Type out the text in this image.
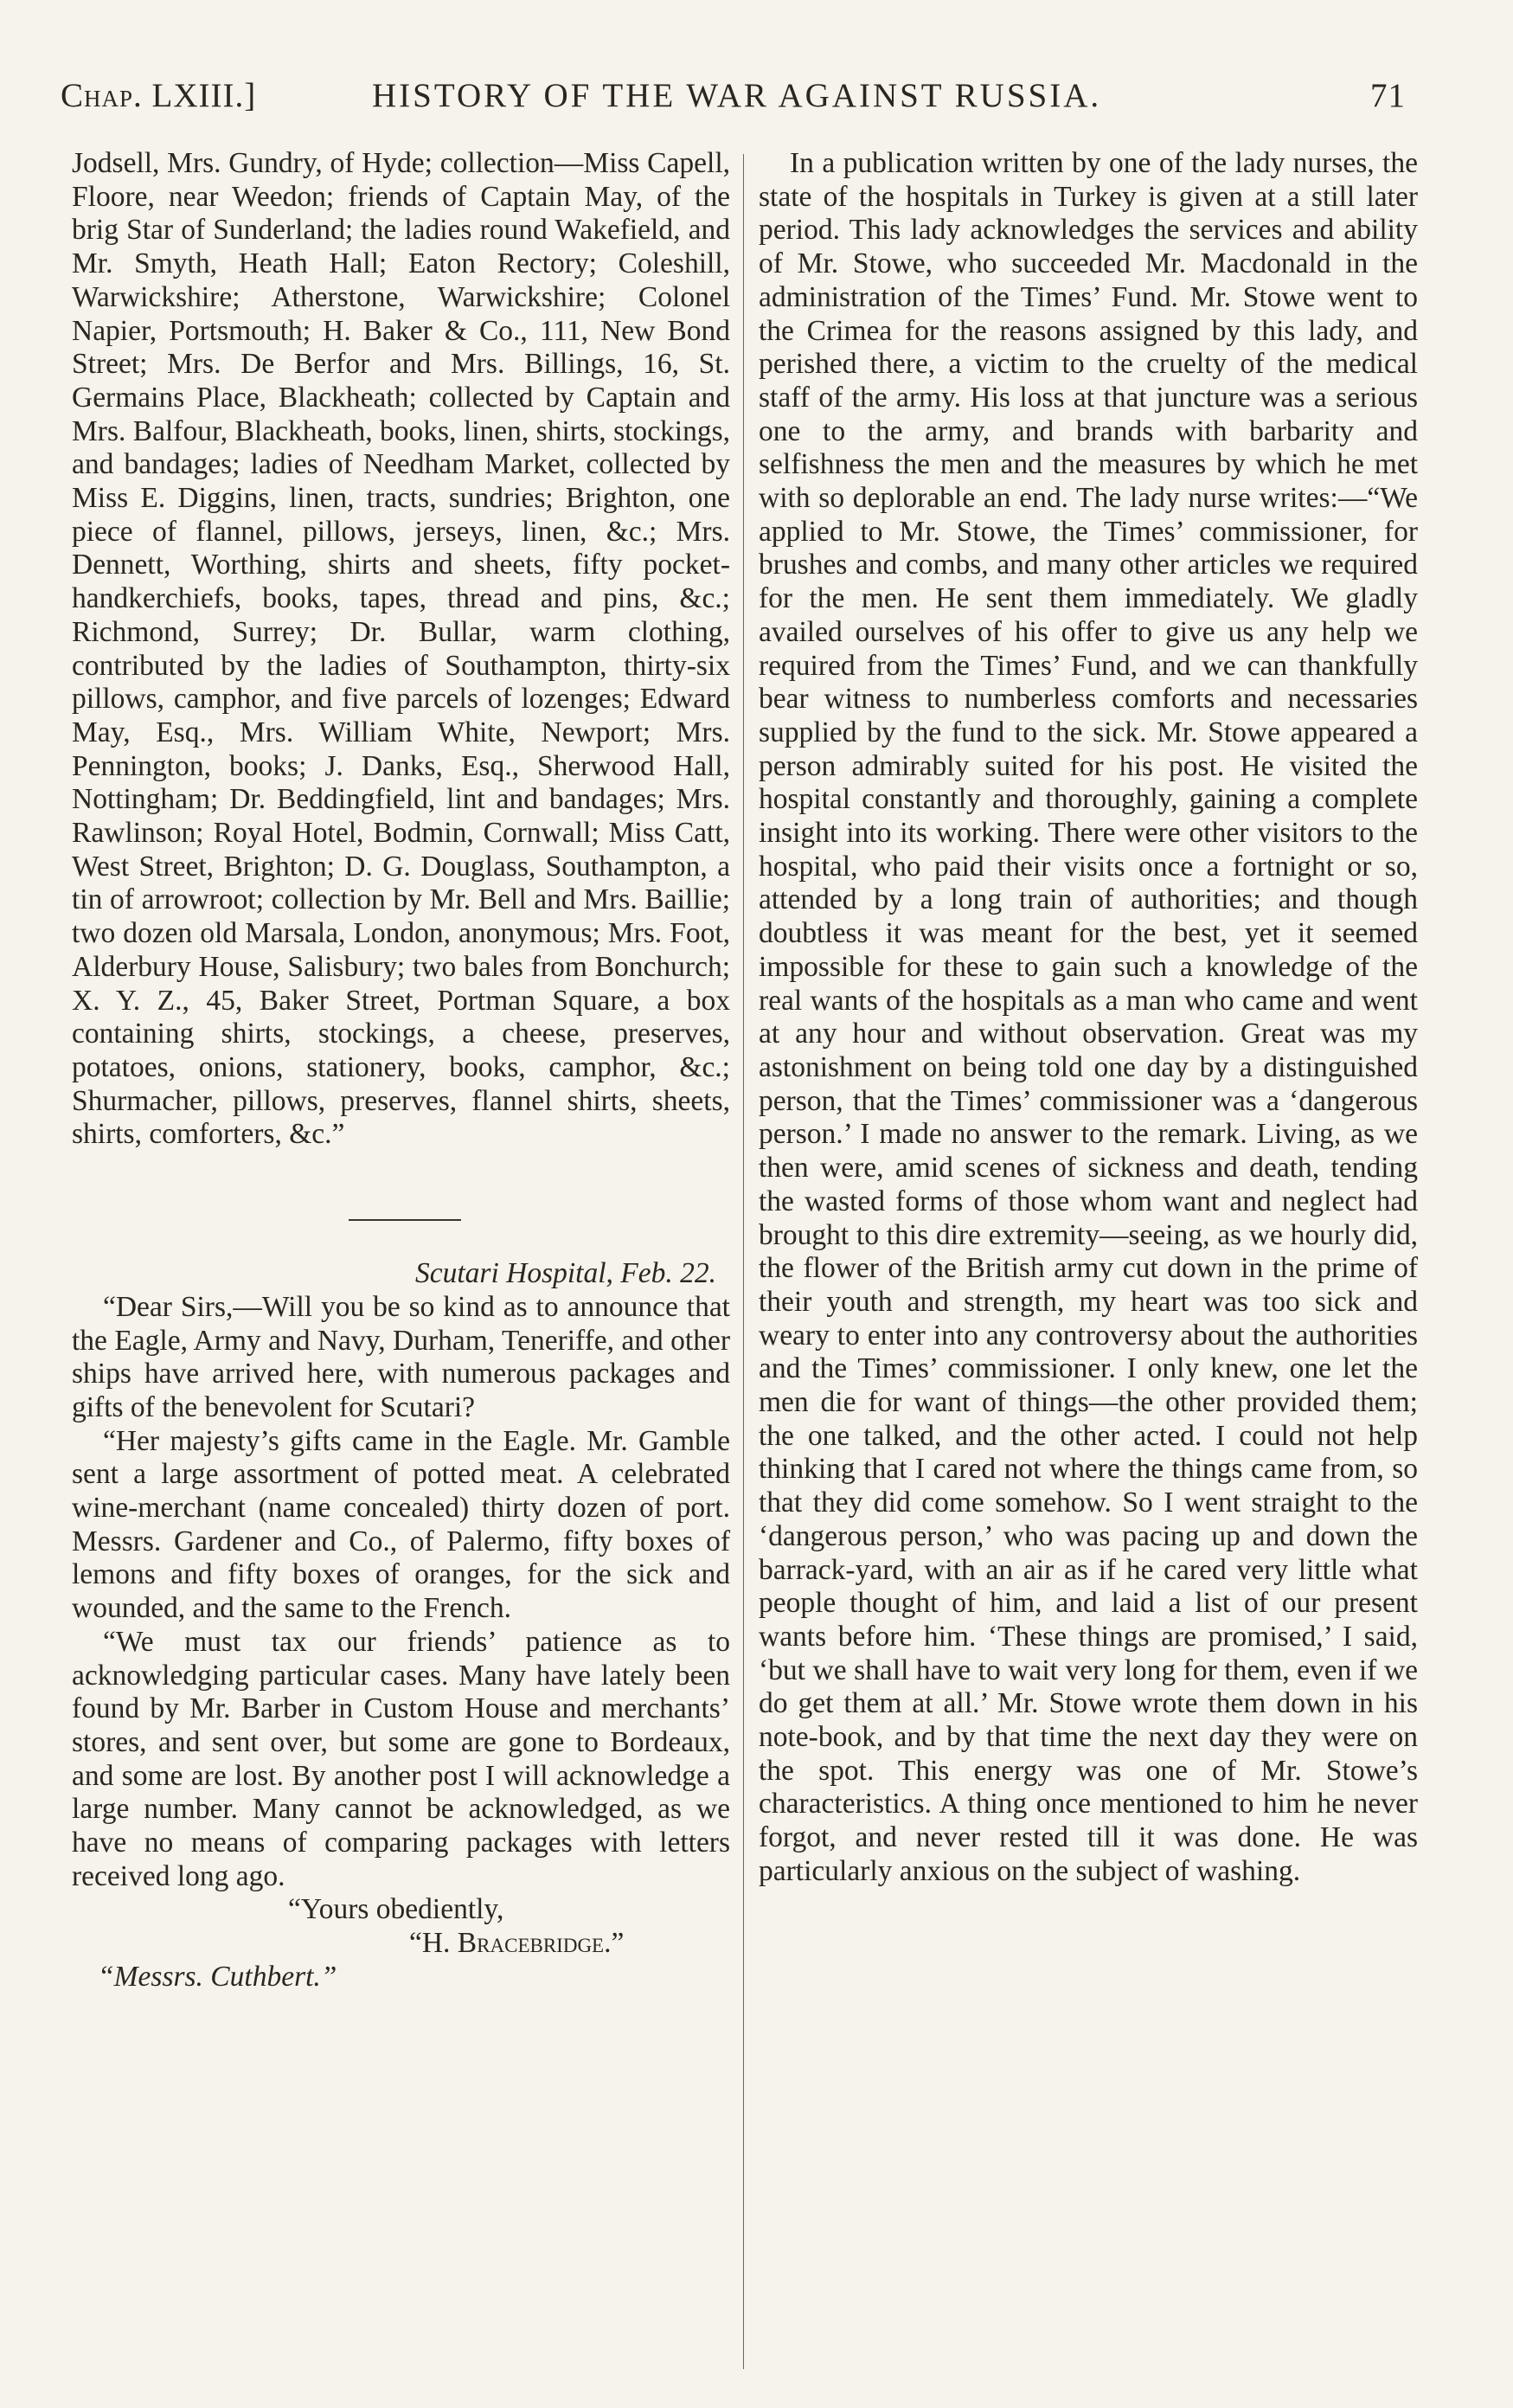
Chap. LXIII.]	HISTORY OF THE WAR AGAINST RUSSIA.	71

Jodsell, Mrs. Gundry, of Hyde; collection—Miss Capell, Floore, near Weedon; friends of Captain May, of the brig Star of Sunderland; the ladies round Wakefield, and Mr. Smyth, Heath Hall; Eaton Rectory; Coleshill, Warwickshire; Atherstone, Warwickshire; Colonel Napier, Portsmouth; H. Baker & Co., 111, New Bond Street; Mrs. De Berfor and Mrs. Billings, 16, St. Germains Place, Blackheath; collected by Captain and Mrs. Balfour, Blackheath, books, linen, shirts, stockings, and bandages; ladies of Needham Market, collected by Miss E. Diggins, linen, tracts, sundries; Brighton, one piece of flannel, pillows, jerseys, linen, &c.; Mrs. Dennett, Worthing, shirts and sheets, fifty pocket-handkerchiefs, books, tapes, thread and pins, &c.; Richmond, Surrey; Dr. Bullar, warm clothing, contributed by the ladies of Southampton, thirty-six pillows, camphor, and five parcels of lozenges; Edward May, Esq., Mrs. William White, Newport; Mrs. Pennington, books; J. Danks, Esq., Sherwood Hall, Nottingham; Dr. Beddingfield, lint and bandages; Mrs. Rawlinson; Royal Hotel, Bodmin, Cornwall; Miss Catt, West Street, Brighton; D. G. Douglass, Southampton, a tin of arrowroot; collection by Mr. Bell and Mrs. Baillie; two dozen old Marsala, London, anonymous; Mrs. Foot, Alderbury House, Salisbury; two bales from Bonchurch; X. Y. Z., 45, Baker Street, Portman Square, a box containing shirts, stockings, a cheese, preserves, potatoes, onions, stationery, books, camphor, &c.; Shurmacher, pillows, preserves, flannel shirts, sheets, shirts, comforters, &c.”

Scutari Hospital, Feb. 22.

“Dear Sirs,—Will you be so kind as to announce that the Eagle, Army and Navy, Durham, Teneriffe, and other ships have arrived here, with numerous packages and gifts of the benevolent for Scutari?

“Her majesty’s gifts came in the Eagle. Mr. Gamble sent a large assortment of potted meat. A celebrated wine-merchant (name concealed) thirty dozen of port. Messrs. Gardener and Co., of Palermo, fifty boxes of lemons and fifty boxes of oranges, for the sick and wounded, and the same to the French.

“We must tax our friends’ patience as to acknowledging particular cases. Many have lately been found by Mr. Barber in Custom House and merchants’ stores, and sent over, but some are gone to Bordeaux, and some are lost. By another post I will acknowledge a large number. Many cannot be acknowledged, as we have no means of comparing packages with letters received long ago.

“Yours obediently,

“H. Bracebridge.”

“Messrs. Cuthbert.”

In a publication written by one of the lady nurses, the state of the hospitals in Turkey is given at a still later period. This lady acknowledges the services and ability of Mr. Stowe, who succeeded Mr. Macdonald in the administration of the Times’ Fund. Mr. Stowe went to the Crimea for the reasons assigned by this lady, and perished there, a victim to the cruelty of the medical staff of the army. His loss at that juncture was a serious one to the army, and brands with barbarity and selfishness the men and the measures by which he met with so deplorable an end. The lady nurse writes:—“We applied to Mr. Stowe, the Times’ commissioner, for brushes and combs, and many other articles we required for the men. He sent them immediately. We gladly availed ourselves of his offer to give us any help we required from the Times’ Fund, and we can thankfully bear witness to numberless comforts and necessaries supplied by the fund to the sick. Mr. Stowe appeared a person admirably suited for his post. He visited the hospital constantly and thoroughly, gaining a complete insight into its working. There were other visitors to the hospital, who paid their visits once a fortnight or so, attended by a long train of authorities; and though doubtless it was meant for the best, yet it seemed impossible for these to gain such a knowledge of the real wants of the hospitals as a man who came and went at any hour and without observation. Great was my astonishment on being told one day by a distinguished person, that the Times’ commissioner was a ‘dangerous person.’ I made no answer to the remark. Living, as we then were, amid scenes of sickness and death, tending the wasted forms of those whom want and neglect had brought to this dire extremity—seeing, as we hourly did, the flower of the British army cut down in the prime of their youth and strength, my heart was too sick and weary to enter into any controversy about the authorities and the Times’ commissioner. I only knew, one let the men die for want of things—the other provided them; the one talked, and the other acted. I could not help thinking that I cared not where the things came from, so that they did come somehow. So I went straight to the ‘dangerous person,’ who was pacing up and down the barrack-yard, with an air as if he cared very little what people thought of him, and laid a list of our present wants before him. ‘These things are promised,’ I said, ‘but we shall have to wait very long for them, even if we do get them at all.’ Mr. Stowe wrote them down in his note-book, and by that time the next day they were on the spot. This energy was one of Mr. Stowe’s characteristics. A thing once mentioned to him he never forgot, and never rested till it was done. He was particularly anxious on the subject of washing.
